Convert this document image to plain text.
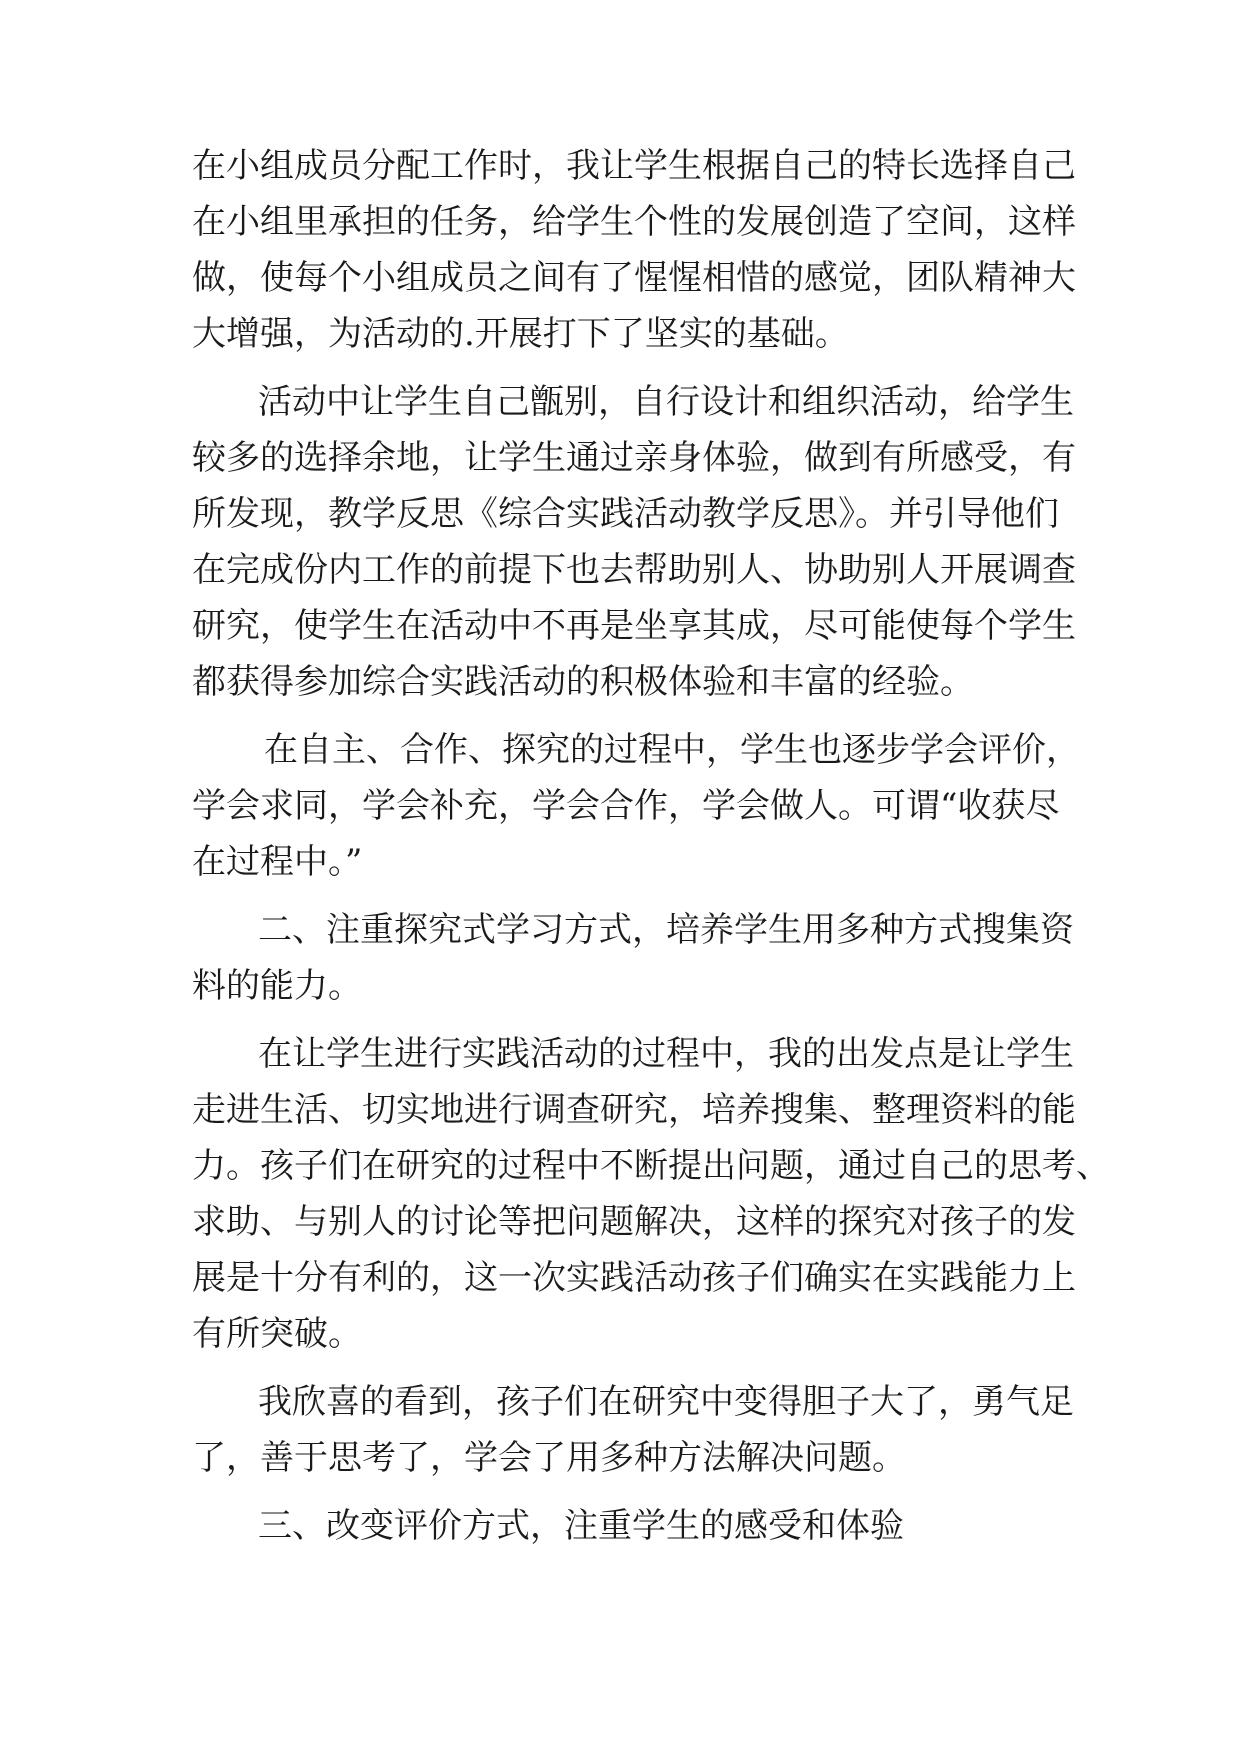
在小组成员分配工作时，我让学生根据自己的特长选择自己
在小组里承担的任务，给学生个性的发展创造了空间，这样
做，使每个小组成员之间有了惺惺相惜的感觉，团队精神大
大增强，为活动的.开展打下了坚实的基础。
活动中让学生自己甑别，自行设计和组织活动，给学生
较多的选择余地，让学生通过亲身体验，做到有所感受，有
所发现，教学反思《综合实践活动教学反思》。并引导他们
在完成份内工作的前提下也去帮助别人、协助别人开展调查
研究，使学生在活动中不再是坐享其成，尽可能使每个学生
都获得参加综合实践活动的积极体验和丰富的经验。
在自主、合作、探究的过程中，学生也逐步学会评价，
学会求同，学会补充，学会合作，学会做人。可谓“收获尽
在过程中。”
二、注重探究式学习方式，培养学生用多种方式搜集资
料的能力。
在让学生进行实践活动的过程中，我的出发点是让学生
走进生活、切实地进行调查研究，培养搜集、整理资料的能
力。孩子们在研究的过程中不断提出问题，通过自己的思考、
求助、与别人的讨论等把问题解决，这样的探究对孩子的发
展是十分有利的，这一次实践活动孩子们确实在实践能力上
有所突破。
我欣喜的看到，孩子们在研究中变得胆子大了，勇气足
了，善于思考了，学会了用多种方法解决问题。
三、改变评价方式，注重学生的感受和体验
